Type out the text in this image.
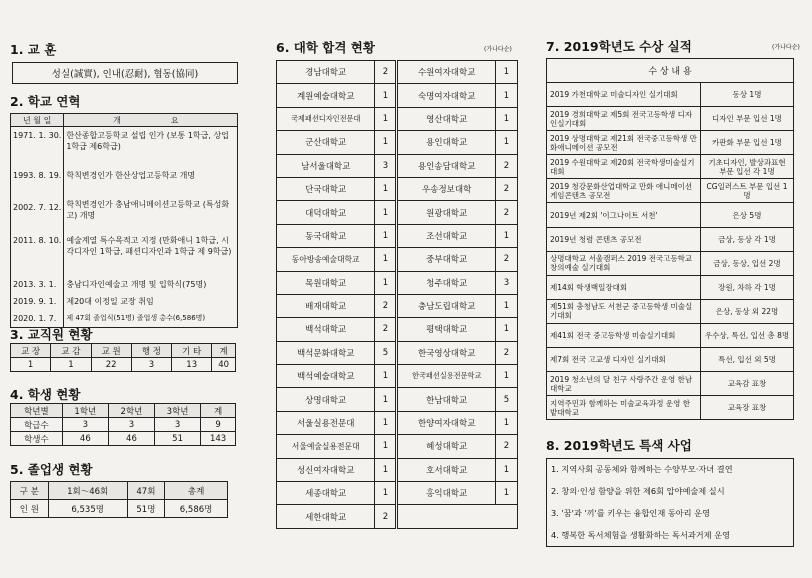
1. 교 훈
성실(誠實), 인내(忍耐), 협동(協同)
2. 학교 연혁
년 월 일	개	요
1971. 1. 30.	한산종합고등학교 설립 인가 (보통 1학급, 상업 1학급 제6학급)	
1993. 8. 19.	학칙변경인가 한산상업고등학교 개명	
2002. 7. 12.	학칙변경인가 충남애니메이션고등학교 (특성화고) 개명	
2011. 8. 10.	예술계열 특수목적고 지정 (만화애니 1학급, 시각디자인 1학급, 패션디자인과 1학급 제 9학급)	
2013. 3. 1.	충남디자인예술고 개명 및 입학식(75명)	
2019. 9. 1.	제20대 이정일 교장 취임	
2020. 1. 7.	제 47회 졸업식(51명) 졸업생 총수(6,586명)	
3. 교직원 현황
교 장	교 감	교 원	행 정	기 타	계
1	1	22	3	13	40
4. 학생 현황
학년별	1학년	2학년	3학년	계
학급수	3	3	3	9
학생수	46	46	51	143
5. 졸업생 현황
구 분	1회～46회	47회	총계
인 원	6,535명	51명	6,586명
6. 대학 합격 현황	(가나다순)
경남대학교	2	수원여자대학교	1
계원예술대학교	1	숙명여자대학교	1
국제패션디자인전문대	1	영산대학교	1
군산대학교	1	용인대학교	1
남서울대학교	3	용인송담대학교	2
단국대학교	1	우송정보대학	2
대덕대학교	1	원광대학교	2
동국대학교	1	조선대학교	1
동아방송예술대학교	1	중부대학교	2
목원대학교	1	청주대학교	3
배재대학교	2	충남도립대학교	1
백석대학교	2	평택대학교	1
백석문화대학교	5	한국영상대학교	2
백석예술대학교	1	한국패션실용전문학교	1
상명대학교	1	한남대학교	5
서울실용전문대	1	한양여자대학교	1
서울예술실용전문대	1	혜성대학교	2
성신여자대학교	1	호서대학교	1
세종대학교	1	홍익대학교	1
세한대학교	2		
7. 2019학년도 수상 실적	(가나다순)
수 상 내 용	
2019 가천대학교 미술디자인 실기대회	동상 1명
2019 경희대학교 제5회 전국고등학생 디자인실기대회	디자인 부문 입선 1명
2019 상명대학교 제21회 전국중고등학생 만화애니메이션 공모전	카판화 부문 입선 1명
2019 수원대학교 제20회 전국학생미술실기대회	기초디자인, 발상과표현 부문 입선 각 1명
2019 청강문화산업대학교 만화 애니메이션 게임콘텐츠 공모전	CG일러스트 부문 입선 1명
2019년 제2회 '이그나이트 서천'	은상 5명
2019년 청렴 콘텐츠 공모전	금상, 동상 각 1명
상명대학교 서울캠퍼스 2019 전국고등학교 창의예술 실기대회	금상, 동상, 입선 2명
제14회 학생백일장대회	장원, 차하 각 1명
제51회 충청남도 서천군 중고등학생 미술실기대회	은상, 동상 외 22명
제41회 전국 중고등학생 미술실기대회	우수상, 특선, 입선 총 8명
제7회 전국 고교생 디자인 실기대회	특선, 입선 외 5명
2019 청소년의 달 친구 사랑주간 운영 한남대학교	교육감 표창
지역주민과 함께하는 미술교육과정 운영 한밭대학교	교육장 표창
8. 2019학년도 특색 사업
1. 지역사회 공동체와 함께하는 수양부모·자녀 결연
2. 창의·인성 함양을 위한 제6회 압야예술제 실시
3. '꿈'과 '끼'를 키우는 융합인재 동아리 운영
4. 행복한 독서체험을 생활화하는 독서과거제 운영
